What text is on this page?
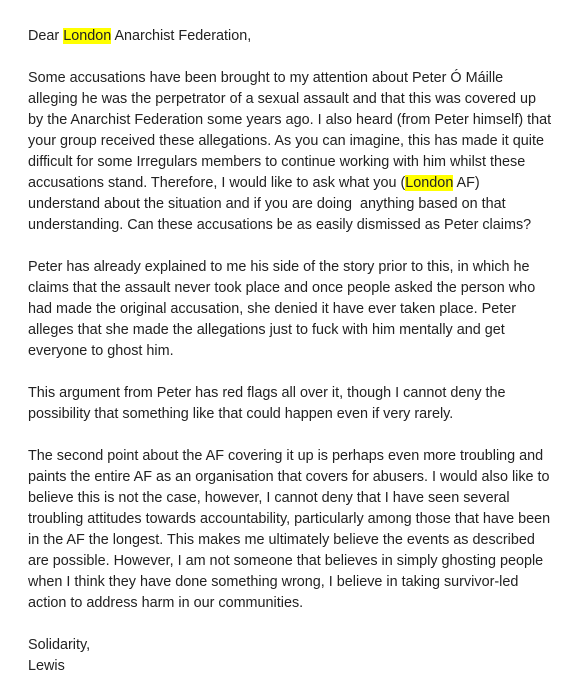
Dear London Anarchist Federation,

Some accusations have been brought to my attention about Peter Ó Máille
alleging he was the perpetrator of a sexual assault and that this was covered up
by the Anarchist Federation some years ago. I also heard (from Peter himself) that
your group received these allegations. As you can imagine, this has made it quite
difficult for some Irregulars members to continue working with him whilst these
accusations stand. Therefore, I would like to ask what you (London AF)
understand about the situation and if you are doing  anything based on that
understanding. Can these accusations be as easily dismissed as Peter claims?

Peter has already explained to me his side of the story prior to this, in which he
claims that the assault never took place and once people asked the person who
had made the original accusation, she denied it have ever taken place. Peter
alleges that she made the allegations just to fuck with him mentally and get
everyone to ghost him.

This argument from Peter has red flags all over it, though I cannot deny the
possibility that something like that could happen even if very rarely.

The second point about the AF covering it up is perhaps even more troubling and
paints the entire AF as an organisation that covers for abusers. I would also like to
believe this is not the case, however, I cannot deny that I have seen several
troubling attitudes towards accountability, particularly among those that have been
in the AF the longest. This makes me ultimately believe the events as described
are possible. However, I am not someone that believes in simply ghosting people
when I think they have done something wrong, I believe in taking survivor-led
action to address harm in our communities.

Solidarity,
Lewis
